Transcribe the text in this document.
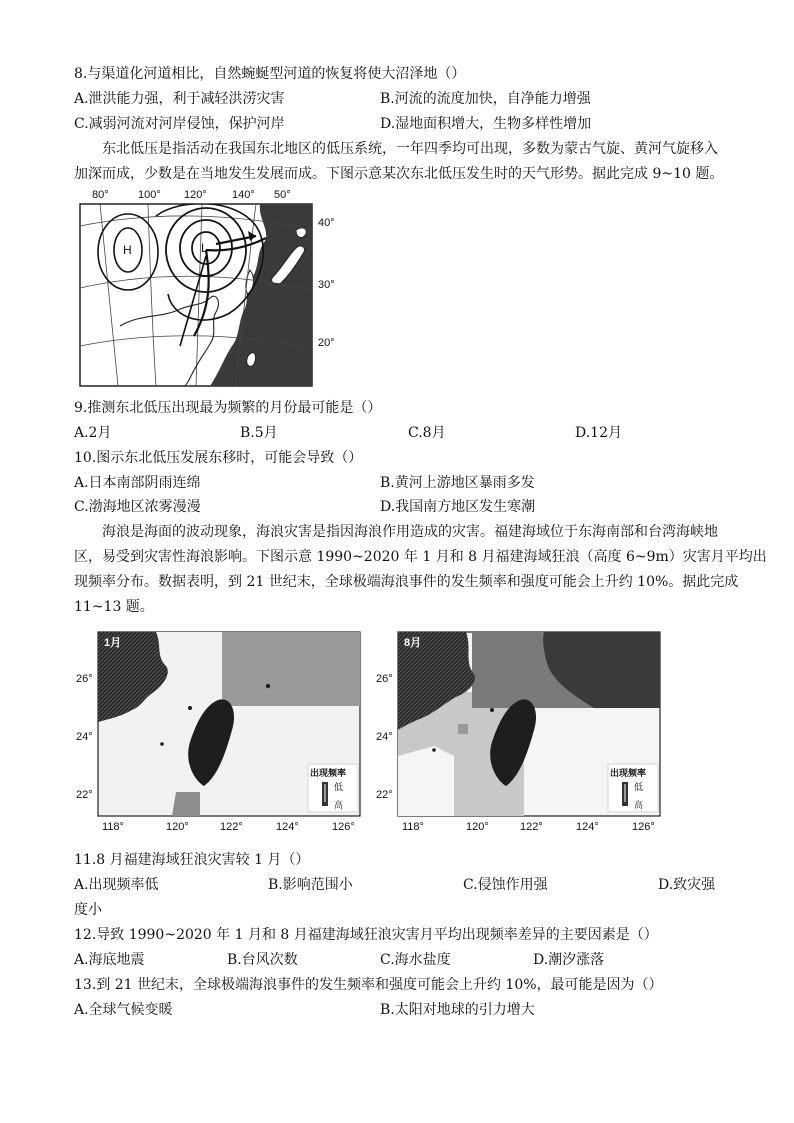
8.与渠道化河道相比，自然蜿蜒型河道的恢复将使大沼泽地（）
A.泄洪能力强，利于减轻洪涝灾害	B.河流的流度加快，自净能力增强
C.减弱河流对河岸侵蚀，保护河岸	D.湿地面积增大，生物多样性增加
东北低压是指活动在我国东北地区的低压系统，一年四季均可出现，多数为蒙古气旋、黄河气旋移入
加深而成，少数是在当地发生发展而成。下图示意某次东北低压发生时的天气形势。据此完成 9~10 题。
80°	100° 120° 140° 50°
40°
30°
20°
H	L
9.推测东北低压出现最为频繁的月份最可能是（）
A.2月	B.5月	C.8月	D.12月
10.图示东北低压发展东移时，可能会导致（）
A.日本南部阴雨连绵	B.黄河上游地区暴雨多发
C.渤海地区浓雾漫漫	D.我国南方地区发生寒潮
海浪是海面的波动现象，海浪灾害是指因海浪作用造成的灾害。福建海域位于东海南部和台湾海峡地
区，易受到灾害性海浪影响。下图示意 1990~2020 年 1 月和 8 月福建海域狂浪（高度 6~9m）灾害月平均出
现频率分布。数据表明，到 21 世纪末，全球极端海浪事件的发生频率和强度可能会上升约 10%。据此完成
11~13 题。
出现频率
低
高
1月
26°
24°
22°
118°	120°	122°	124°	126°
出现频率
低
高
8月
26°
24°
22°
118°	120°	122°	124°	126°
11.8 月福建海域狂浪灾害较 1 月（）
A.出现频率低	B.影响范围小	C.侵蚀作用强	D.致灾强
度小
12.导致 1990~2020 年 1 月和 8 月福建海域狂浪灾害月平均出现频率差异的主要因素是（）
A.海底地震	B.台风次数	C.海水盐度	D.潮汐涨落
13.到 21 世纪末，全球极端海浪事件的发生频率和强度可能会上升约 10%，最可能是因为（）
A.全球气候变暖	B.太阳对地球的引力增大
